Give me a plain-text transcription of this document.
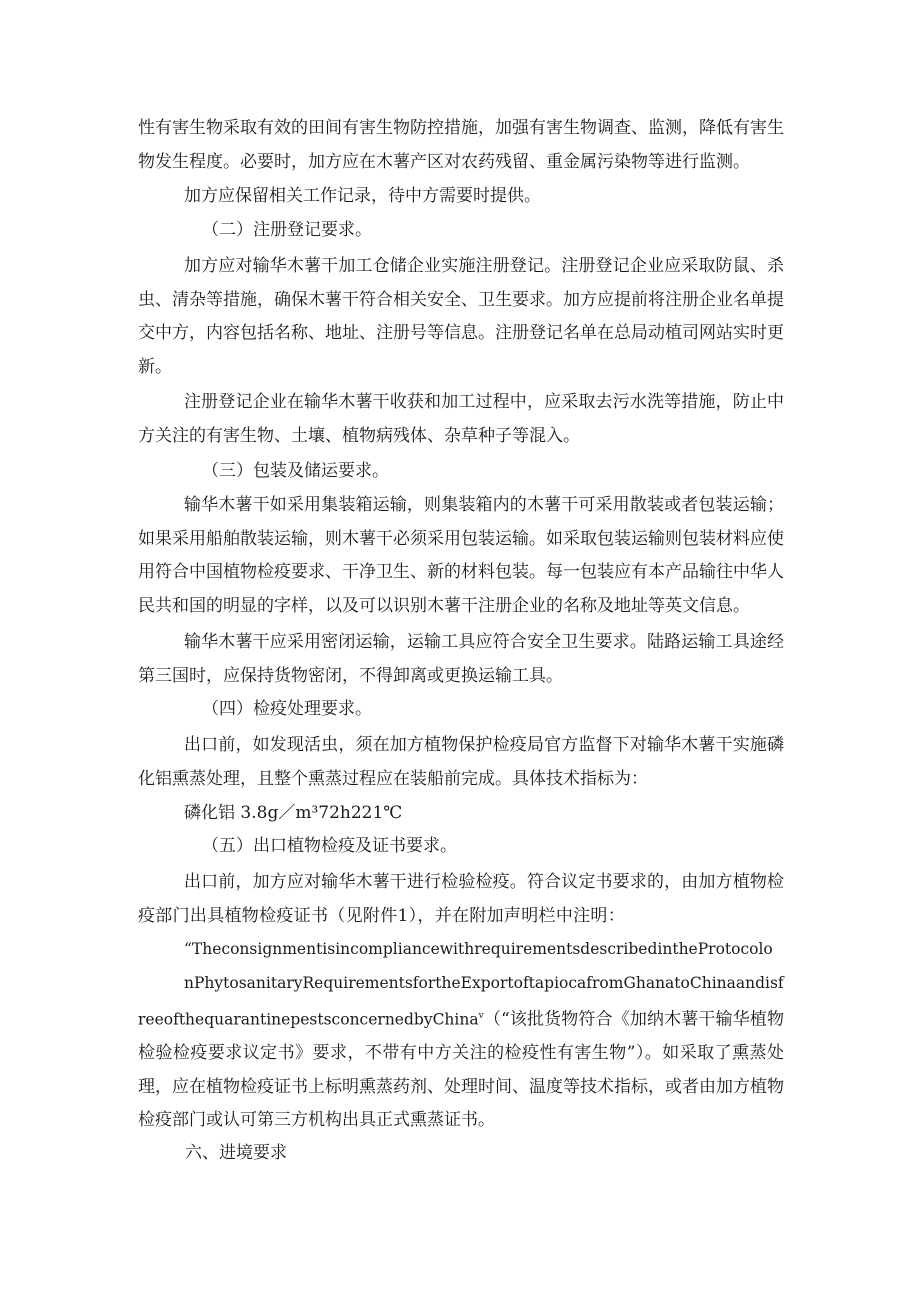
性有害生物采取有效的田间有害生物防控措施，加强有害生物调查、监测，降低有害生物发生程度。必要时，加方应在木薯产区对农药残留、重金属污染物等进行监测。

加方应保留相关工作记录，待中方需要时提供。

（二）注册登记要求。

加方应对输华木薯干加工仓储企业实施注册登记。注册登记企业应采取防鼠、杀虫、清杂等措施，确保木薯干符合相关安全、卫生要求。加方应提前将注册企业名单提交中方，内容包括名称、地址、注册号等信息。注册登记名单在总局动植司网站实时更新。

注册登记企业在输华木薯干收获和加工过程中，应采取去污水洗等措施，防止中方关注的有害生物、土壤、植物病残体、杂草种子等混入。

（三）包装及储运要求。

输华木薯干如采用集装箱运输，则集装箱内的木薯干可采用散装或者包装运输；如果采用船舶散装运输，则木薯干必须采用包装运输。如采取包装运输则包装材料应使用符合中国植物检疫要求、干净卫生、新的材料包装。每一包装应有本产品输往中华人民共和国的明显的字样，以及可以识别木薯干注册企业的名称及地址等英文信息。

输华木薯干应采用密闭运输，运输工具应符合安全卫生要求。陆路运输工具途经第三国时，应保持货物密闭，不得卸离或更换运输工具。

（四）检疫处理要求。

出口前，如发现活虫，须在加方植物保护检疫局官方监督下对输华木薯干实施磷化铝熏蒸处理，且整个熏蒸过程应在装船前完成。具体技术指标为：

磷化铝 3.8g／m³72h221℃

（五）出口植物检疫及证书要求。

出口前，加方应对输华木薯干进行检验检疫。符合议定书要求的，由加方植物检疫部门出具植物检疫证书（见附件1），并在附加声明栏中注明：
“TheconsignmentisincompliancewithrequirementsdescribedintheProtocolo
nPhytosanitaryRequirementsfortheExportoftapiocafromGhanatoChinaandisf
reeofthequarantinepestsconcernedbyChina$^v$（“该批货物符合《加纳木薯干输华植物检验检疫要求议定书》要求，不带有中方关注的检疫性有害生物”）。如采取了熏蒸处理，应在植物检疫证书上标明熏蒸药剂、处理时间、温度等技术指标，或者由加方植物检疫部门或认可第三方机构出具正式熏蒸证书。

六、进境要求
